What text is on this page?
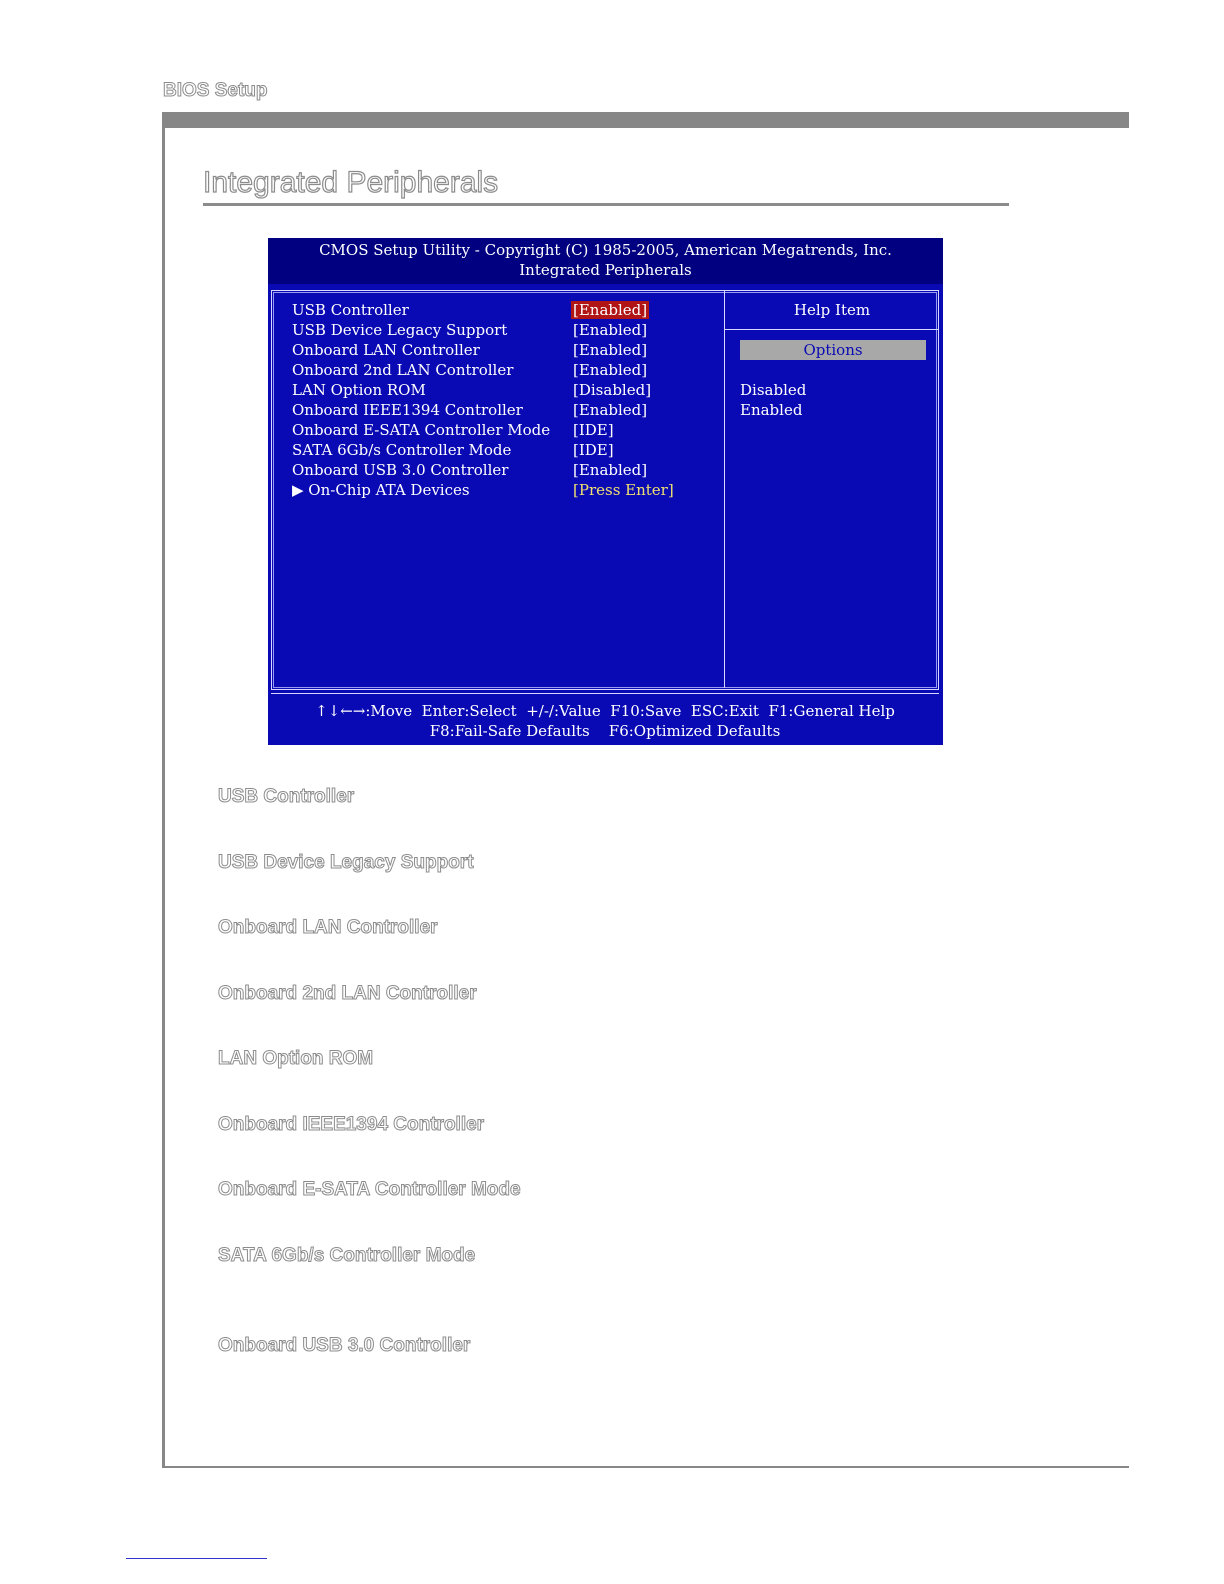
BIOS Setup
Integrated Peripherals
CMOS Setup Utility - Copyright (C) 1985-2005, American Megatrends, Inc.
Integrated Peripherals
USB Controller	[Enabled]
USB Device Legacy Support	[Enabled]
Onboard LAN Controller	[Enabled]
Onboard 2nd LAN Controller	[Enabled]
LAN Option ROM	[Disabled]
Onboard IEEE1394 Controller	[Enabled]
Onboard E-SATA Controller Mode [IDE]
SATA 6Gb/s Controller Mode	[IDE]
Onboard USB 3.0 Controller	[Enabled]
▶ On-Chip ATA Devices	[Press Enter]
Help Item
Options
Disabled
Enabled
↑↓←→:Move  Enter:Select  +/-/:Value  F10:Save  ESC:Exit  F1:General Help
F8:Fail-Safe Defaults    F6:Optimized Defaults
USB Controller
USB Device Legacy Support
Onboard LAN Controller
Onboard 2nd LAN Controller
LAN Option ROM
Onboard IEEE1394 Controller
Onboard E-SATA Controller Mode
SATA 6Gb/s Controller Mode
Onboard USB 3.0 Controller
